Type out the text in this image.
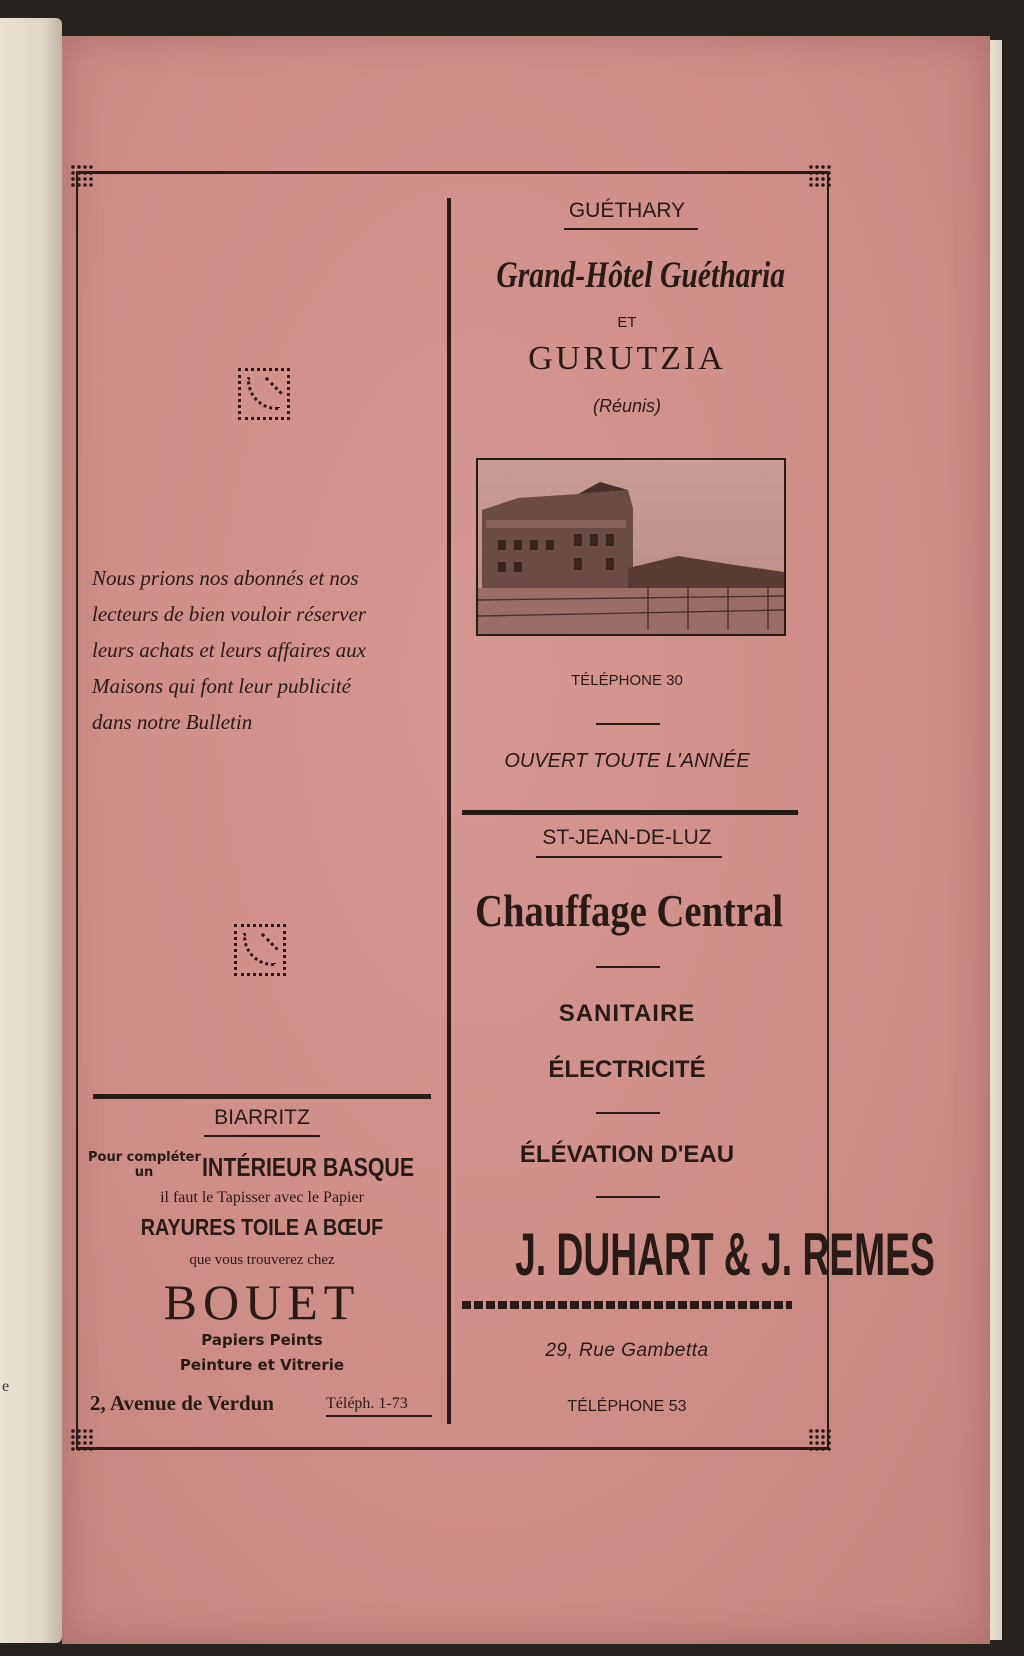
e
Nous prions nos abonnés et nos
lecteurs de bien vouloir réserver
leurs achats et leurs affaires aux
Maisons qui font leur publicité
dans notre Bulletin
BIARRITZ
Pour compléter
un	INTÉRIEUR BASQUE
il faut le Tapisser avec le Papier
RAYURES TOILE A BŒUF
que vous trouverez chez
BOUET
Papiers Peints
Peinture et Vitrerie
2, Avenue de Verdun	Téléph. 1-73
GUÉTHARY
Grand-Hôtel Guétharia
ET
GURUTZIA
(Réunis)
TÉLÉPHONE 30
OUVERT TOUTE L'ANNÉE
ST-JEAN-DE-LUZ
Chauffage Central
SANITAIRE
ÉLECTRICITÉ
ÉLÉVATION D'EAU
J. DUHART & J. REMES
29, Rue Gambetta
TÉLÉPHONE 53
